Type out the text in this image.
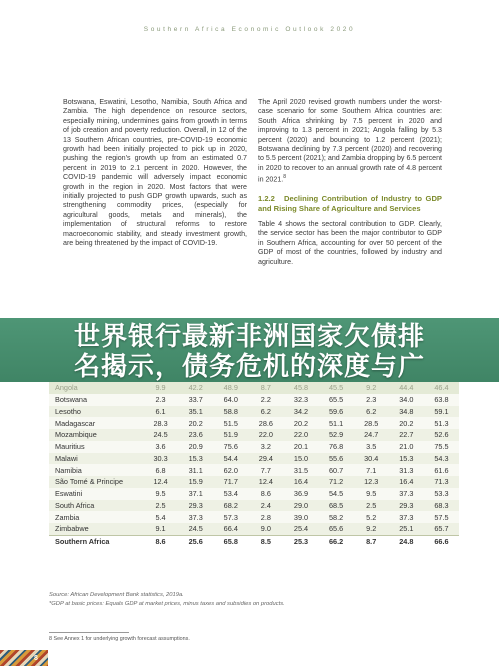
Southern Africa Economic Outlook 2020

Botswana, Eswatini, Lesotho, Namibia, South Africa and Zambia. The high dependence on resource sectors, especially mining, undermines gains from growth in terms of job creation and poverty reduction. Overall, in 12 of the 13 Southern African countries, pre-COVID-19 economic growth had been initially projected to pick up in 2020, pushing the region's growth up from an estimated 0.7 percent in 2019 to 2.1 percent in 2020. However, the COVID-19 pandemic will adversely impact economic growth in the region in 2020. Most factors that were initially projected to push GDP growth upwards, such as strengthening commodity prices, (especially for agricultural goods, metals and minerals), the implementation of structural reforms to restore macroeconomic stability, and steady investment growth, are being threatened by the impact of COVID-19.

The April 2020 revised growth numbers under the worst-case scenario for some Southern Africa countries are: South Africa shrinking by 7.5 percent in 2020 and improving to 1.3 percent in 2021; Angola falling by 5.3 percent (2020) and bouncing to 1.2 percent (2021); Botswana declining by 7.3 percent (2020) and recovering to 5.5 percent (2021); and Zambia dropping by 6.5 percent in 2020 to recover to an annual growth rate of 4.8 percent in 2021.$^8$

1.2.2 Declining Contribution of Industry to GDP and Rising Share of Agriculture and Services

Table 4 shows the sectoral contribution to GDP. Clearly, the service sector has been the major contributor to GDP in Southern Africa, accounting for over 50 percent of the GDP of most of the countries, followed by industry and agriculture.

世界银行最新非洲国家欠债排
名揭示，债务危机的深度与广
Angola	9.9	42.2	48.9	8.7	45.8	45.5	9.2	44.4	46.4
Botswana	2.3	33.7	64.0	2.2	32.3	65.5	2.3	34.0	63.8
Lesotho	6.1	35.1	58.8	6.2	34.2	59.6	6.2	34.8	59.1
Madagascar	28.3	20.2	51.5	28.6	20.2	51.1	28.5	20.2	51.3
Mozambique	24.5	23.6	51.9	22.0	22.0	52.9	24.7	22.7	52.6
Mauritius	3.6	20.9	75.6	3.2	20.1	76.8	3.5	21.0	75.5
Malawi	30.3	15.3	54.4	29.4	15.0	55.6	30.4	15.3	54.3
Namibia	6.8	31.1	62.0	7.7	31.5	60.7	7.1	31.3	61.6
São Tomé & Principe	12.4	15.9	71.7	12.4	16.4	71.2	12.3	16.4	71.3
Eswatini	9.5	37.1	53.4	8.6	36.9	54.5	9.5	37.3	53.3
South Africa	2.5	29.3	68.2	2.4	29.0	68.5	2.5	29.3	68.3
Zambia	5.4	37.3	57.3	2.8	39.0	58.2	5.2	37.3	57.5
Zimbabwe	9.1	24.5	66.4	9.0	25.4	65.6	9.2	25.1	65.7
Southern Africa	8.6	25.6	65.8	8.5	25.3	66.2	8.7	24.8	66.6
Source: African Development Bank statistics, 2019a.
*GDP at basic prices: Equals GDP at market prices, minus taxes and subsidies on products.
8 See Annex 1 for underlying growth forecast assumptions.
8
